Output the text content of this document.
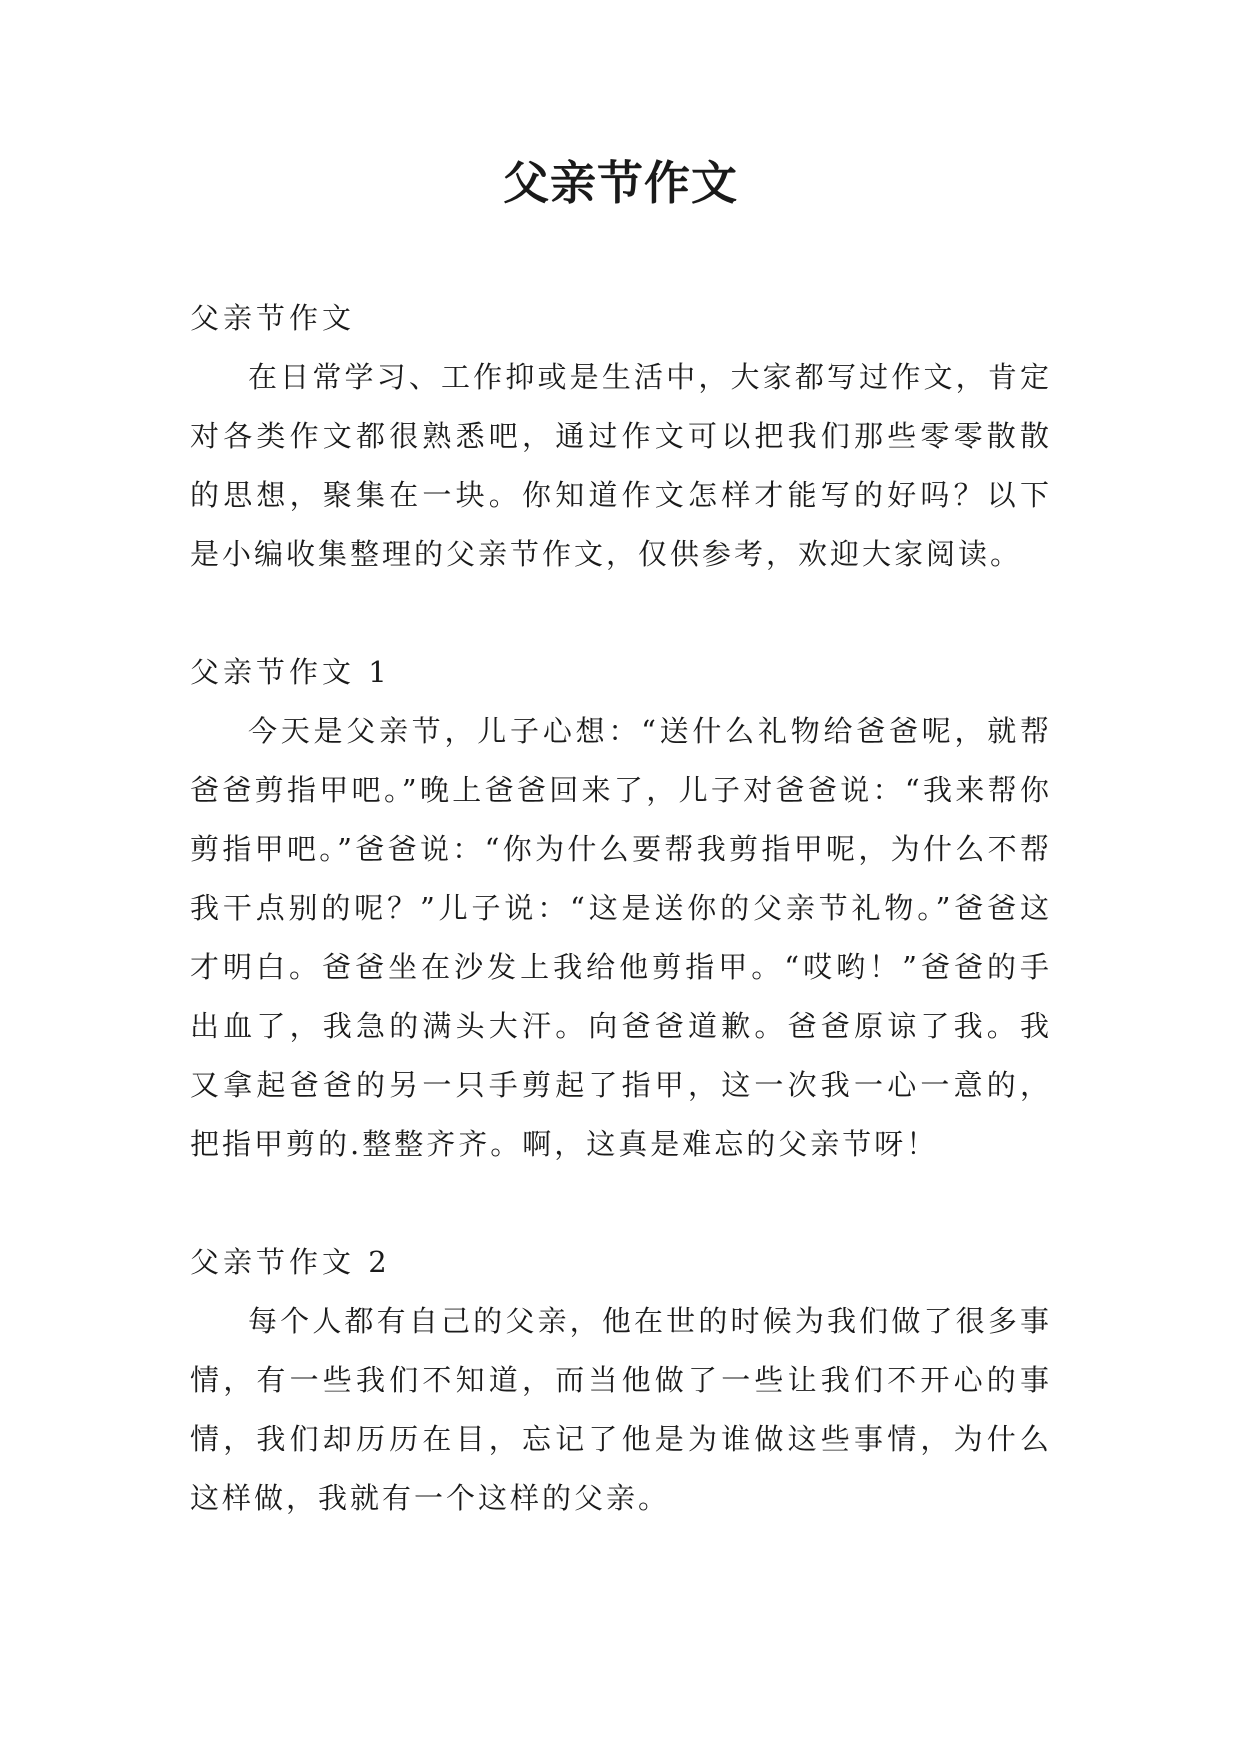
父亲节作文

父亲节作文

在日常学习、工作抑或是生活中，大家都写过作文，肯定对各类作文都很熟悉吧，通过作文可以把我们那些零零散散的思想，聚集在一块。你知道作文怎样才能写的好吗？以下是小编收集整理的父亲节作文，仅供参考，欢迎大家阅读。

父亲节作文 1

今天是父亲节，儿子心想：“送什么礼物给爸爸呢，就帮爸爸剪指甲吧。”晚上爸爸回来了，儿子对爸爸说：“我来帮你剪指甲吧。”爸爸说：“你为什么要帮我剪指甲呢，为什么不帮我干点别的呢？”儿子说：“这是送你的父亲节礼物。”爸爸这才明白。爸爸坐在沙发上我给他剪指甲。“哎哟！”爸爸的手出血了，我急的满头大汗。向爸爸道歉。爸爸原谅了我。我又拿起爸爸的另一只手剪起了指甲，这一次我一心一意的，把指甲剪的.整整齐齐。啊，这真是难忘的父亲节呀！

父亲节作文 2

每个人都有自己的父亲，他在世的时候为我们做了很多事情，有一些我们不知道，而当他做了一些让我们不开心的事情，我们却历历在目，忘记了他是为谁做这些事情，为什么这样做，我就有一个这样的父亲。
